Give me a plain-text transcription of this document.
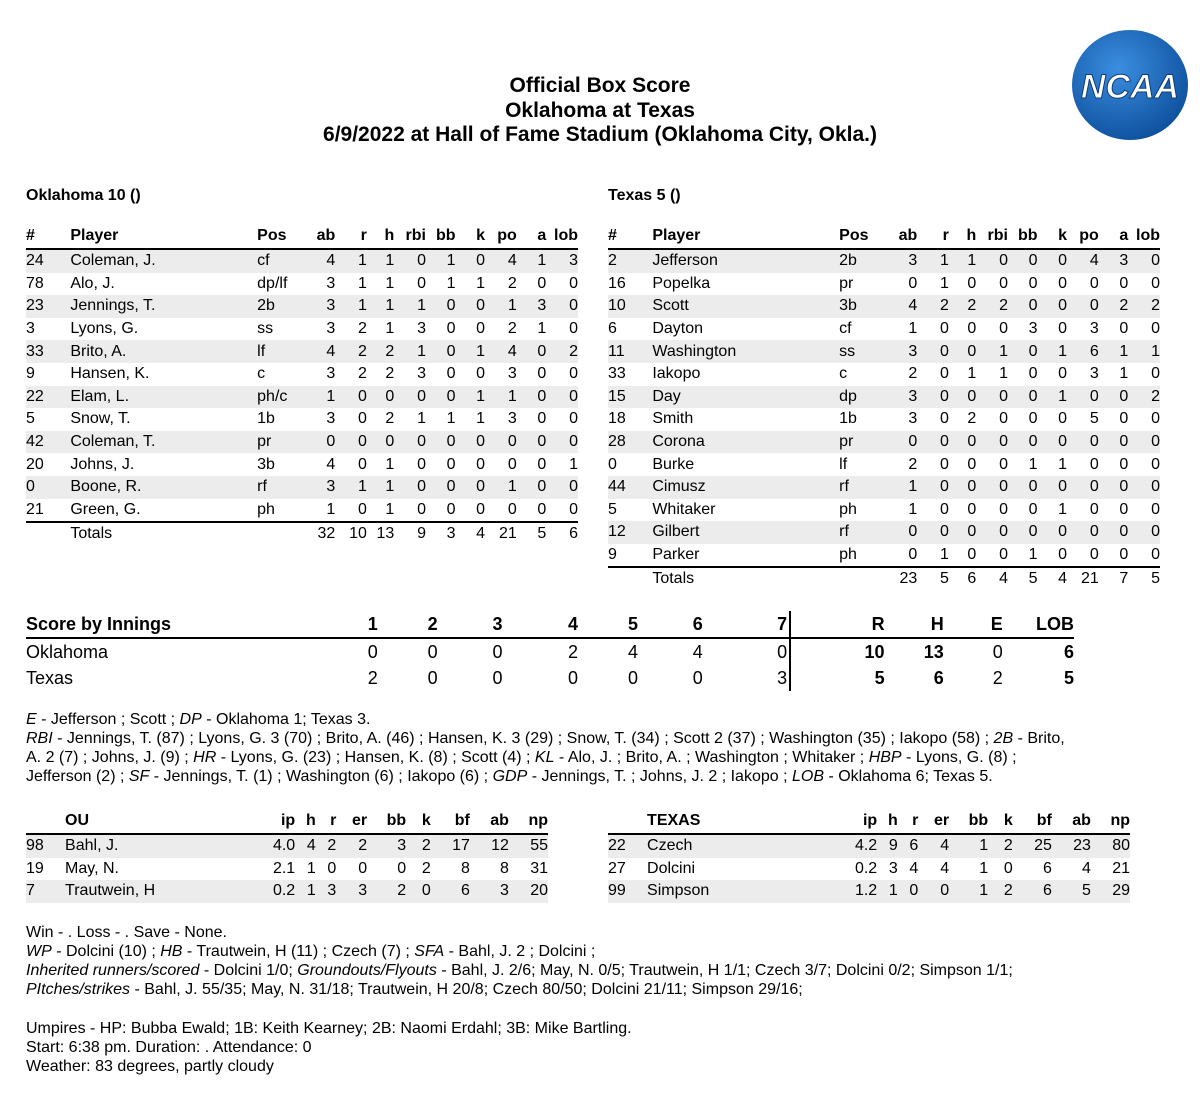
Official Box Score
Oklahoma at Texas
6/9/2022 at Hall of Fame Stadium (Oklahoma City, Okla.)
NCAA
Oklahoma 10 ()
#	Player	Pos	ab	r	h	rbi	bb	k	po	a	lob
24	Coleman, J.	cf	4	1	1	0	1	0	4	1	3
78	Alo, J.	dp/lf	3	1	1	0	1	1	2	0	0
23	Jennings, T.	2b	3	1	1	1	0	0	1	3	0
3	Lyons, G.	ss	3	2	1	3	0	0	2	1	0
33	Brito, A.	lf	4	2	2	1	0	1	4	0	2
9	Hansen, K.	c	3	2	2	3	0	0	3	0	0
22	Elam, L.	ph/c	1	0	0	0	0	1	1	0	0
5	Snow, T.	1b	3	0	2	1	1	1	3	0	0
42	Coleman, T.	pr	0	0	0	0	0	0	0	0	0
20	Johns, J.	3b	4	0	1	0	0	0	0	0	1
0	Boone, R.	rf	3	1	1	0	0	0	1	0	0
21	Green, G.	ph	1	0	1	0	0	0	0	0	0
	Totals		32	10	13	9	3	4	21	5	6
Texas 5 ()
#	Player	Pos	ab	r	h	rbi	bb	k	po	a	lob
2	Jefferson	2b	3	1	1	0	0	0	4	3	0
16	Popelka	pr	0	1	0	0	0	0	0	0	0
10	Scott	3b	4	2	2	2	0	0	0	2	2
6	Dayton	cf	1	0	0	0	3	0	3	0	0
11	Washington	ss	3	0	0	1	0	1	6	1	1
33	Iakopo	c	2	0	1	1	0	0	3	1	0
15	Day	dp	3	0	0	0	0	1	0	0	2
18	Smith	1b	3	0	2	0	0	0	5	0	0
28	Corona	pr	0	0	0	0	0	0	0	0	0
0	Burke	lf	2	0	0	0	1	1	0	0	0
44	Cimusz	rf	1	0	0	0	0	0	0	0	0
5	Whitaker	ph	1	0	0	0	0	1	0	0	0
12	Gilbert	rf	0	0	0	0	0	0	0	0	0
9	Parker	ph	0	1	0	0	1	0	0	0	0
	Totals		23	5	6	4	5	4	21	7	5
Score by Innings	1	2	3	4	5	6	7	R	H	E	LOB	
Oklahoma	0	0	0	2	4	4	0	10	13	0	6	
Texas	2	0	0	0	0	0	3	5	6	2	5	
E - Jefferson ; Scott ; DP - Oklahoma 1; Texas 3.
RBI - Jennings, T. (87) ; Lyons, G. 3 (70) ; Brito, A. (46) ; Hansen, K. 3 (29) ; Snow, T. (34) ; Scott 2 (37) ; Washington (35) ; Iakopo (58) ; 2B - Brito,
A. 2 (7) ; Johns, J. (9) ; HR - Lyons, G. (23) ; Hansen, K. (8) ; Scott (4) ; KL - Alo, J. ; Brito, A. ; Washington ; Whitaker ; HBP - Lyons, G. (8) ;
Jefferson (2) ; SF - Jennings, T. (1) ; Washington (6) ; Iakopo (6) ; GDP - Jennings, T. ; Johns, J. 2 ; Iakopo ; LOB - Oklahoma 6; Texas 5.
	OU	ip	h	r	er	bb	k	bf	ab	np
98	Bahl, J.	4.0	4	2	2	3	2	17	12	55
19	May, N.	2.1	1	0	0	0	2	8	8	31
7	Trautwein, H	0.2	1	3	3	2	0	6	3	20
	TEXAS	ip	h	r	er	bb	k	bf	ab	np
22	Czech	4.2	9	6	4	1	2	25	23	80
27	Dolcini	0.2	3	4	4	1	0	6	4	21
99	Simpson	1.2	1	0	0	1	2	6	5	29
Win - . Loss - . Save - None.
WP - Dolcini (10) ; HB - Trautwein, H (11) ; Czech (7) ; SFA - Bahl, J. 2 ; Dolcini ;
Inherited runners/scored - Dolcini 1/0; Groundouts/Flyouts - Bahl, J. 2/6; May, N. 0/5; Trautwein, H 1/1; Czech 3/7; Dolcini 0/2; Simpson 1/1;
PItches/strikes - Bahl, J. 55/35; May, N. 31/18; Trautwein, H 20/8; Czech 80/50; Dolcini 21/11; Simpson 29/16;
Umpires - HP: Bubba Ewald; 1B: Keith Kearney; 2B: Naomi Erdahl; 3B: Mike Bartling.
Start: 6:38 pm. Duration: . Attendance: 0
Weather: 83 degrees, partly cloudy
